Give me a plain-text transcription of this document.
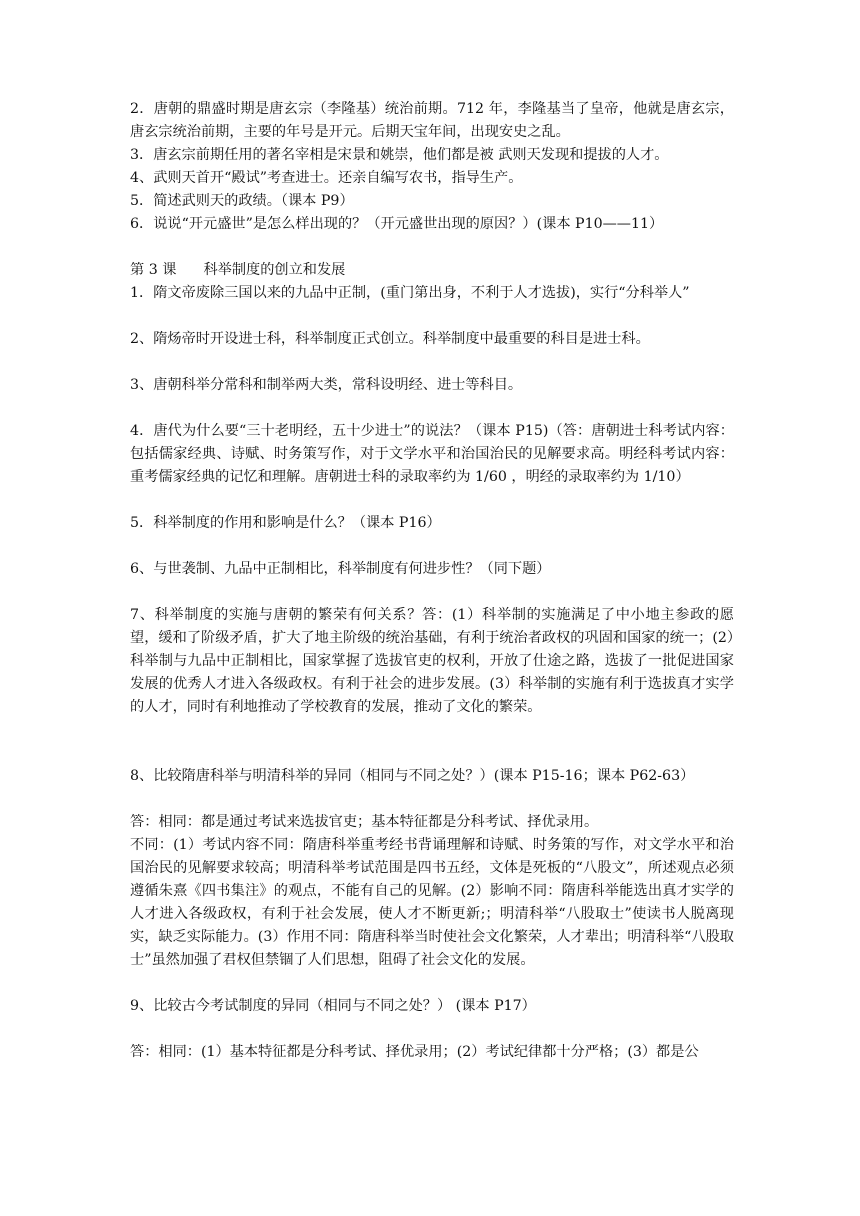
2．唐朝的鼎盛时期是唐玄宗（李隆基）统治前期。712 年，李隆基当了皇帝，他就是唐玄宗，唐玄宗统治前期，主要的年号是开元。后期天宝年间，出现安史之乱。

3．唐玄宗前期任用的著名宰相是宋景和姚崇，他们都是被 武则天发现和提拔的人才。

4、武则天首开“殿试”考查进士。还亲自编写农书，指导生产。

5．简述武则天的政绩。（课本 P9）

6．说说“开元盛世”是怎么样出现的？（开元盛世出现的原因？）(课本 P10——11）

第 3 课      科举制度的创立和发展

1．隋文帝废除三国以来的九品中正制，(重门第出身，不利于人才选拔)，实行“分科举人”

2、隋炀帝时开设进士科，科举制度正式创立。科举制度中最重要的科目是进士科。

3、唐朝科举分常科和制举两大类，常科设明经、进士等科目。

4．唐代为什么要“三十老明经，五十少进士”的说法？（课本 P15)（答：唐朝进士科考试内容：包括儒家经典、诗赋、时务策写作，对于文学水平和治国治民的见解要求高。明经科考试内容：重考儒家经典的记忆和理解。唐朝进士科的录取率约为 1/60 ，明经的录取率约为 1/10）

5．科举制度的作用和影响是什么？（课本 P16）

6、与世袭制、九品中正制相比，科举制度有何进步性？（同下题）

7、科举制度的实施与唐朝的繁荣有何关系？答：(1）科举制的实施满足了中小地主参政的愿望，缓和了阶级矛盾，扩大了地主阶级的统治基础，有利于统治者政权的巩固和国家的统一；(2）科举制与九品中正制相比，国家掌握了选拔官吏的权利，开放了仕途之路，选拔了一批促进国家发展的优秀人才进入各级政权。有利于社会的进步发展。(3）科举制的实施有利于选拔真才实学的人才，同时有利地推动了学校教育的发展，推动了文化的繁荣。

8、比较隋唐科举与明清科举的异同（相同与不同之处？）(课本 P15-16；课本 P62-63）

答：相同：都是通过考试来选拔官吏；基本特征都是分科考试、择优录用。

不同：(1）考试内容不同：隋唐科举重考经书背诵理解和诗赋、时务策的写作，对文学水平和治国治民的见解要求较高；明清科举考试范围是四书五经，文体是死板的“八股文”，所述观点必须遵循朱熹《四书集注》的观点，不能有自己的见解。(2）影响不同：隋唐科举能选出真才实学的人才进入各级政权，有利于社会发展，使人才不断更新;；明清科举“八股取士”使读书人脱离现实，缺乏实际能力。(3）作用不同：隋唐科举当时使社会文化繁荣，人才辈出；明清科举“八股取士”虽然加强了君权但禁锢了人们思想，阻碍了社会文化的发展。

9、比较古今考试制度的异同（相同与不同之处？） (课本 P17）

答：相同：(1）基本特征都是分科考试、择优录用；(2）考试纪律都十分严格；(3）都是公
